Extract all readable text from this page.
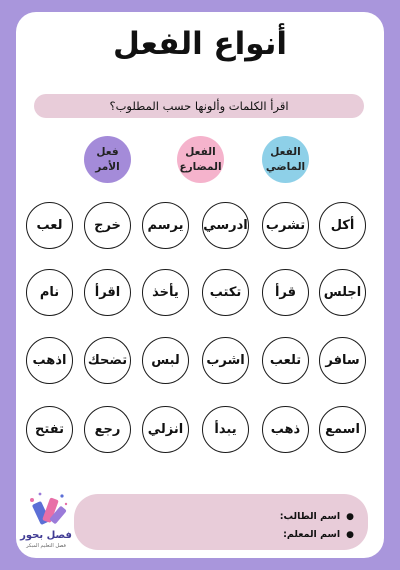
أنواع الفعل
اقرأ الكلمات وألونها حسب المطلوب؟
الفعل
الماضي
الفعل
المضارع
فعل الأمر
أكل
تشرب
ادرسي
يرسم
خرج
لعب
اجلس
قرأ
تكتب
يأخذ
اقرأ
نام
سافر
تلعب
اشرب
لبس
تضحك
اذهب
اسمع
ذهب
يبدأ
انزلي
رجع
تفتح
فصل بحور
فصل التعليم المبكر
●اسم الطالب:
●اسم المعلم:
